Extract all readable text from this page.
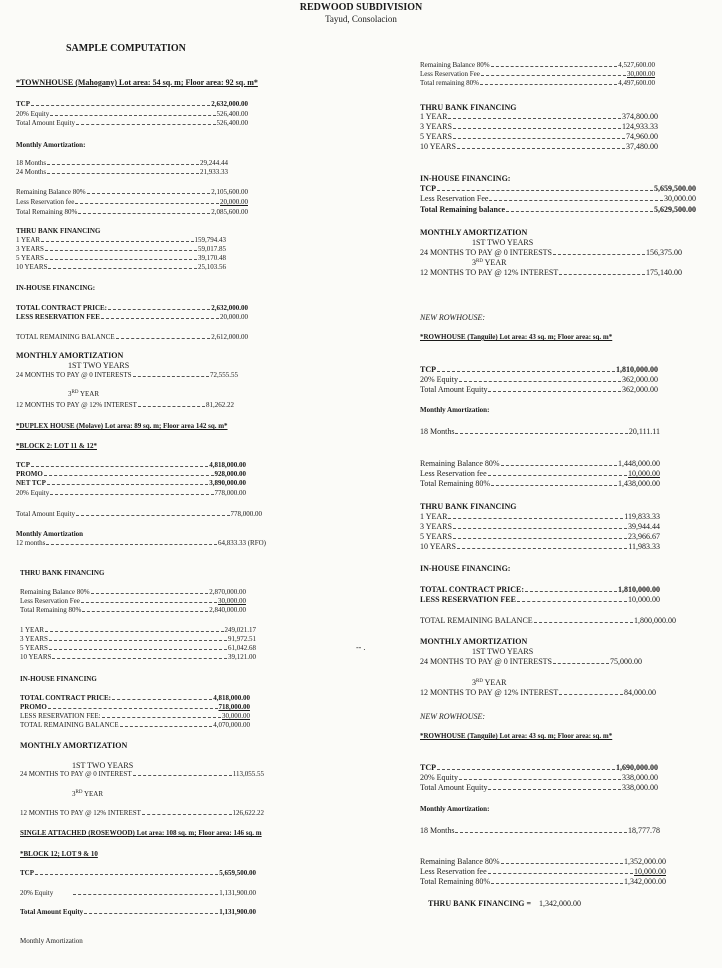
REDWOOD SUBDIVISION
Tayud, Consolacion
SAMPLE COMPUTATION
*TOWNHOUSE (Mahogany) Lot area: 54 sq. m; Floor area: 92 sq. m*
TCP	2,632,000.00
20% Equity	526,400.00
Total Amount Equity	526,400.00
Monthly Amortization:
18 Months	29,244.44
24 Months	21,933.33
Remaining Balance 80%	2,105,600.00
Less Reservation fee	20,000.00
Total Remaining 80%	2,085,600.00
THRU BANK FINANCING
1 YEAR	159,794.43
3 YEARS	59,017.85
5 YEARS	39,170.48
10 YEARS	25,103.56
IN-HOUSE FINANCING:
TOTAL CONTRACT PRICE:	2,632,000.00
LESS RESERVATION FEE	20,000.00
TOTAL REMAINING BALANCE	2,612,000.00
MONTHLY AMORTIZATION
1ST TWO YEARS
24 MONTHS TO PAY @ 0 INTERESTS	72,555.55
3RD YEAR
12 MONTHS TO PAY @ 12% INTEREST	81,262.22
*DUPLEX HOUSE (Molave) Lot area: 89 sq. m; Floor area 142 sq. m*
*BLOCK 2: LOT 11 & 12*
TCP	4,818,000.00
PROMO	928,000.00
NET TCP	3,890,000.00
20% Equity	778,000.00
Total Amount Equity	778,000.00
Monthly Amortization
12 months	64,833.33 (RFO)
THRU BANK FINANCING
Remaining Balance 80%	2,870,000.00
Less Reservation Fee	30,000.00
Total Remaining 80%	2,840,000.00
1 YEAR	249,021.17
3 YEARS	91,972.51
5 YEARS	61,042.68
10 YEARS	39,121.00
IN-HOUSE FINANCING
TOTAL CONTRACT PRICE:	4,818,000.00
PROMO	718,000.00
LESS RESERVATION FEE:	30,000.00
TOTAL REMAINING BALANCE	4,070,000.00
MONTHLY AMORTIZATION
1ST TWO YEARS
24 MONTHS TO PAY @ 0 INTEREST	113,055.55
3RD YEAR
12 MONTHS TO PAY @ 12% INTEREST	126,622.22
SINGLE ATTACHED (ROSEWOOD) Lot area: 108 sq. m; Floor area: 146 sq. m
*BLOCK 12; LOT 9 & 10
TCP	5,659,500.00
20% Equity	1,131,900.00
Total Amount Equity	1,131,900.00
Monthly Amortization
-- .
Remaining Balance 80%	4,527,600.00
Less Reservation Fee	30,000.00
Total remaining 80%	4,497,600.00
THRU BANK FINANCING
1 YEAR	374,800.00
3 YEARS	124,933.33
5 YEARS	74,960.00
10 YEARS	37,480.00
IN-HOUSE FINANCING:
TCP	5,659,500.00
Less Reservation Fee	30,000.00
Total Remaining balance	5,629,500.00
MONTHLY AMORTIZATION
1ST TWO YEARS
24 MONTHS TO PAY @ 0 INTERESTS	156,375.00
3RD YEAR
12 MONTHS TO PAY @ 12% INTEREST	175,140.00
NEW ROWHOUSE:
*ROWHOUSE (Tanguile) Lot area: 43 sq. m; Floor area: sq. m*
TCP	1,810,000.00
20% Equity	362,000.00
Total Amount Equity	362,000.00
Monthly Amortization:
18 Months	20,111.11
Remaining Balance 80%	1,448,000.00
Less Reservation fee	10,000.00
Total Remaining 80%	1,438,000.00
THRU BANK FINANCING
1 YEAR	119,833.33
3 YEARS	39,944.44
5 YEARS	23,966.67
10 YEARS	11,983.33
IN-HOUSE FINANCING:
TOTAL CONTRACT PRICE:	1,810,000.00
LESS RESERVATION FEE	10,000.00
TOTAL REMAINING BALANCE	1,800,000.00
MONTHLY AMORTIZATION
1ST TWO YEARS
24 MONTHS TO PAY @ 0 INTERESTS	75,000.00
3RD YEAR
12 MONTHS TO PAY @ 12% INTEREST	84,000.00
NEW ROWHOUSE:
*ROWHOUSE (Tanguile) Lot area: 43 sq. m; Floor area: sq. m*
TCP	1,690,000.00
20% Equity	338,000.00
Total Amount Equity	338,000.00
Monthly Amortization:
18 Months	18,777.78
Remaining Balance 80%	1,352,000.00
Less Reservation fee	10,000.00
Total Remaining 80%	1,342,000.00
THRU BANK FINANCING = 1,342,000.00
